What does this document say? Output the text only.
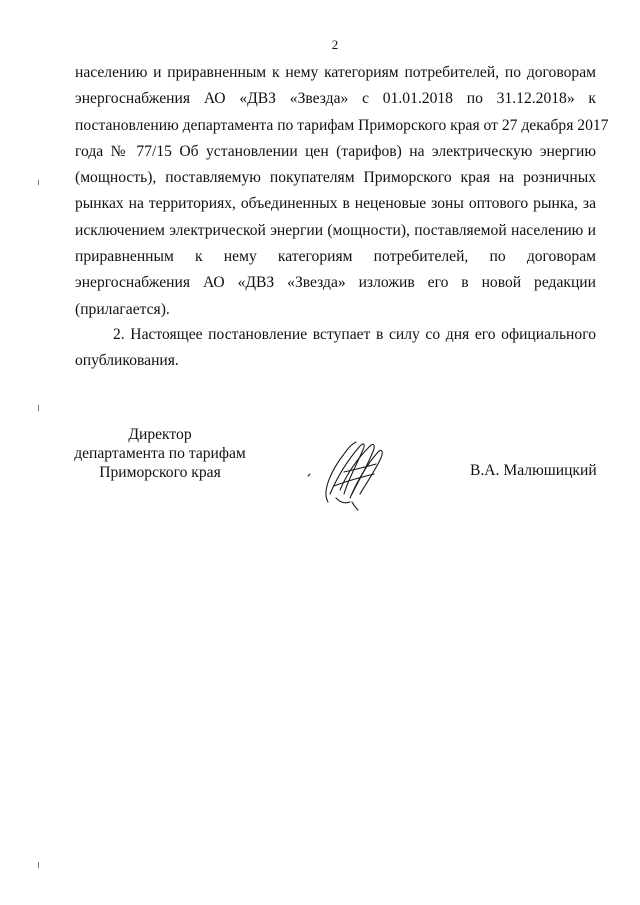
2
населению и приравненным к нему категориям потребителей, по договорам
энергоснабжения АО «ДВЗ «Звезда» с 01.01.2018 по 31.12.2018» к
постановлению департамента по тарифам Приморского края от 27 декабря 2017
года № 77/15 Об установлении цен (тарифов) на электрическую энергию
(мощность), поставляемую покупателям Приморского края на розничных
рынках на территориях, объединенных в неценовые зоны оптового рынка, за
исключением электрической энергии (мощности), поставляемой населению и
приравненным к нему категориям потребителей, по договорам
энергоснабжения АО «ДВЗ «Звезда» изложив его в новой редакции
(прилагается).
2. Настоящее постановление вступает в силу со дня его официального
опубликования.
Директор
департамента по тарифам
Приморского края	В.А. Малюшицкий
